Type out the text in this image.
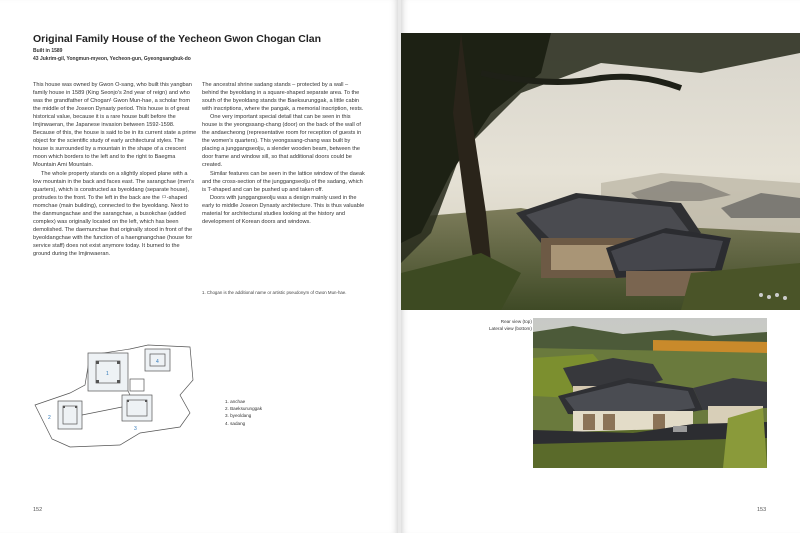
Original Family House of the Yecheon Gwon Chogan Clan
Built in 1589
43 Jukrim-gil, Yongmun-myeon, Yecheon-gun, Gyeongsangbuk-do

This house was owned by Gwon O-sang, who built this yangban family house in 1589 (King Seonjo's 2nd year of reign) and who was the grandfather of Chogan¹ Gwon Mun-hae, a scholar from the middle of the Joseon Dynasty period. This house is of great historical value, because it is a rare house built before the Imjinwaeran, the Japanese invasion between 1592-1598. Because of this, the house is said to be in its current state a prime object for the scientific study of early architectural styles. The house is surrounded by a mountain in the shape of a crescent moon which borders to the left and to the right to Baegma Mountain Ami Mountain.

The whole property stands on a slightly sloped plane with a low mountain in the back and faces east. The sarangchae (men's quarters), which is constructed as byeoldang (separate house), protrudes to the front. To the left in the back are the ㅁ-shaped momchae (main building), connected to the byeoldang. Next to the danmungachae and the sarangchae, a busokchae (added complex) was originally located on the left, which has been demolished. The daemunchae that originally stood in front of the byeoldangchae with the function of a haengnangchae (house for service staff) does not exist anymore today. It burned to the ground during the Imjinwaeran.

The ancestral shrine sadang stands – protected by a wall – behind the byeoldang in a square-shaped separate area. To the south of the byeoldang stands the Baeksurunggak, a little cabin with inscriptions, where the pangak, a memorial inscription, rests.

One very important special detail that can be seen in this house is the yeongssang-chang (door) on the back of the wall of the andaecheong (representative room for reception of guests in the women's quarters). This yeongssang-chang was built by placing a junggangseolju, a slender wooden beam, between the door frame and window sill, so that additional doors could be created.

Similar features can be seen in the lattice window of the daeak and the cross-section of the junggangseolju of the sadang, which is T-shaped and can be pushed up and taken off.

Doors with junggangseolju was a design mainly used in the early to middle Joseon Dynasty architecture. This is thus valuable material for architectural studies looking at the history and development of Korean doors and windows.

1. Chogan is the additional name or artistic pseudonym of Gwon Mun-hae.
1
2
3
4
1. anchae
2. Baeksurunggak
3. byeoldang
4. sadang
152
Rear view (top)
Lateral view (bottom)
153
